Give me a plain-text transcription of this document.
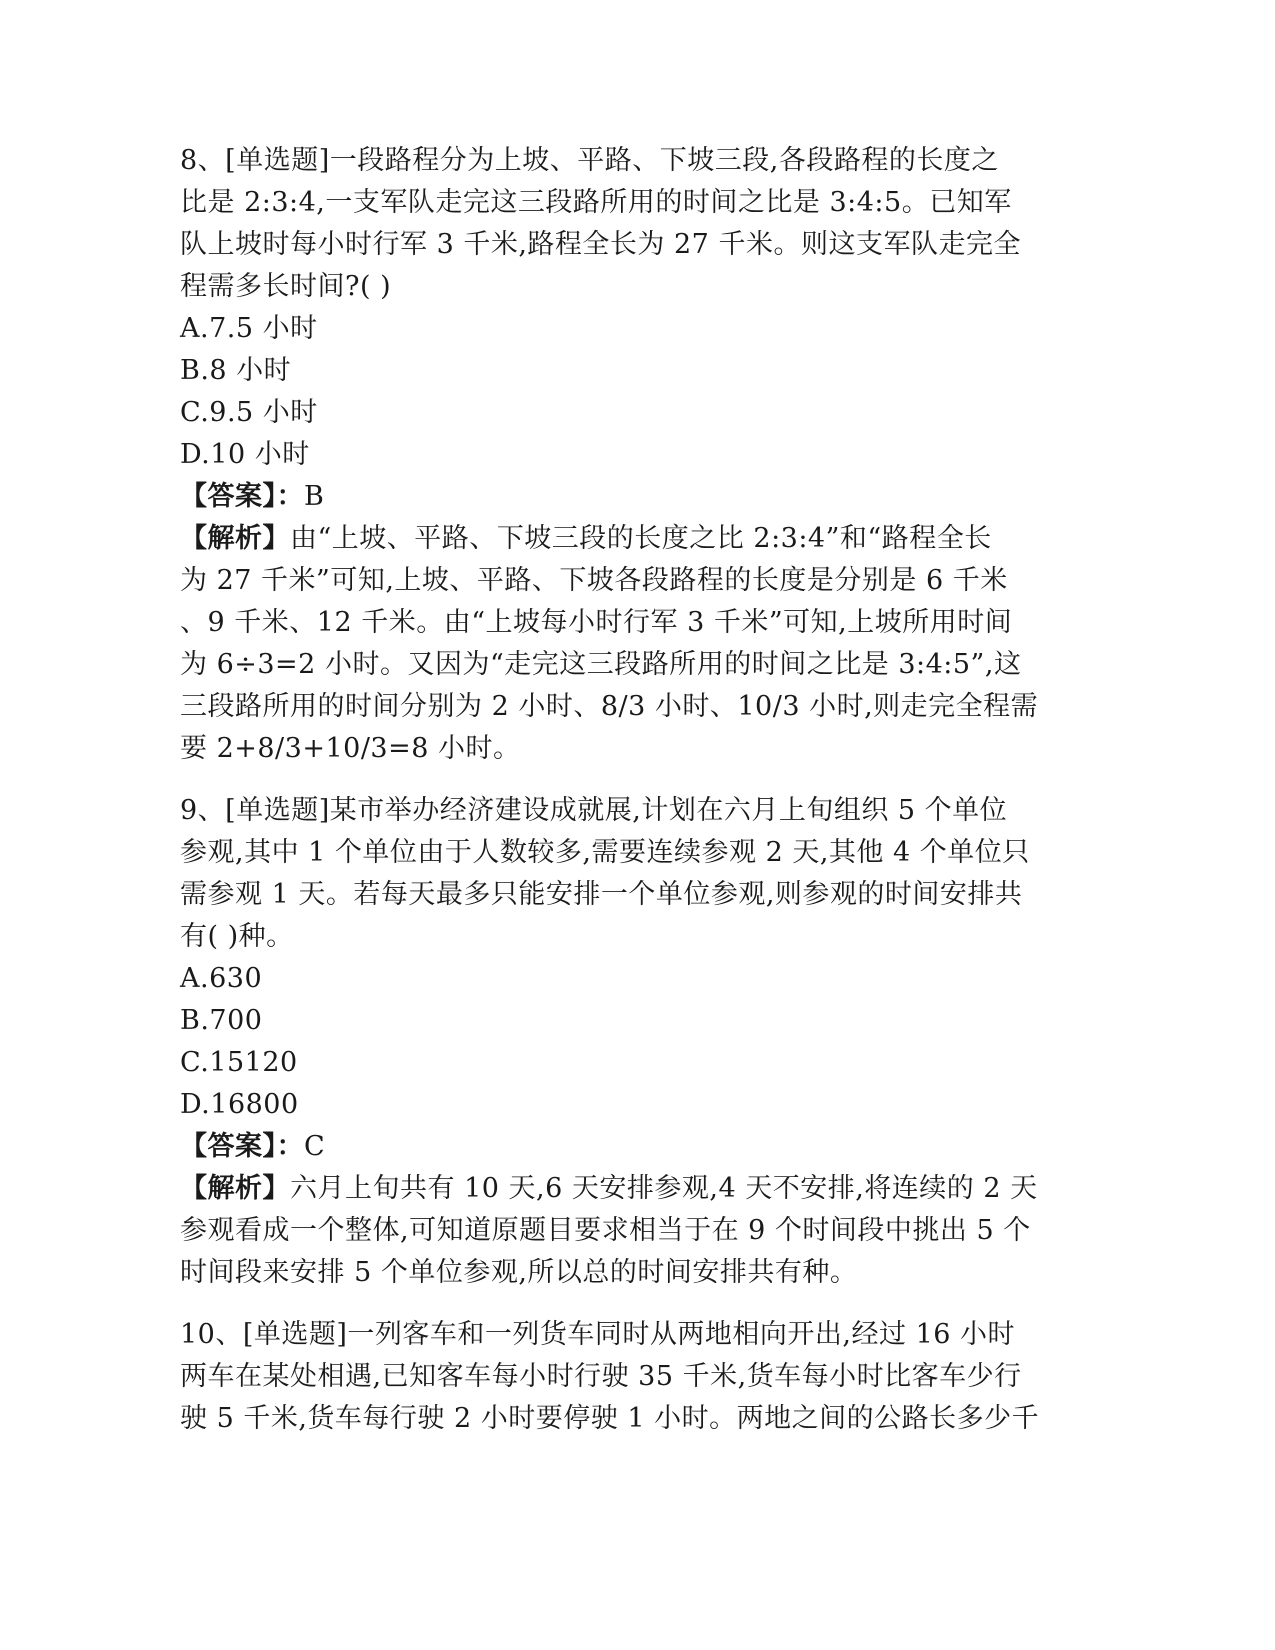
8、[单选题]一段路程分为上坡、平路、下坡三段,各段路程的长度之
比是 2:3:4,一支军队走完这三段路所用的时间之比是 3:4:5。已知军
队上坡时每小时行军 3 千米,路程全长为 27 千米。则这支军队走完全
程需多长时间?( )
A.7.5 小时
B.8 小时
C.9.5 小时
D.10 小时
【答案】：B
【解析】由“上坡、平路、下坡三段的长度之比 2:3:4”和“路程全长
为 27 千米”可知,上坡、平路、下坡各段路程的长度是分别是 6 千米
、9 千米、12 千米。由“上坡每小时行军 3 千米”可知,上坡所用时间
为 6÷3=2 小时。又因为“走完这三段路所用的时间之比是 3:4:5”,这
三段路所用的时间分别为 2 小时、8/3 小时、10/3 小时,则走完全程需
要 2+8/3+10/3=8 小时。
9、[单选题]某市举办经济建设成就展,计划在六月上旬组织 5 个单位
参观,其中 1 个单位由于人数较多,需要连续参观 2 天,其他 4 个单位只
需参观 1 天。若每天最多只能安排一个单位参观,则参观的时间安排共
有( )种。
A.630
B.700
C.15120
D.16800
【答案】：C
【解析】六月上旬共有 10 天,6 天安排参观,4 天不安排,将连续的 2 天
参观看成一个整体,可知道原题目要求相当于在 9 个时间段中挑出 5 个
时间段来安排 5 个单位参观,所以总的时间安排共有种。
10、[单选题]一列客车和一列货车同时从两地相向开出,经过 16 小时
两车在某处相遇,已知客车每小时行驶 35 千米,货车每小时比客车少行
驶 5 千米,货车每行驶 2 小时要停驶 1 小时。两地之间的公路长多少千
